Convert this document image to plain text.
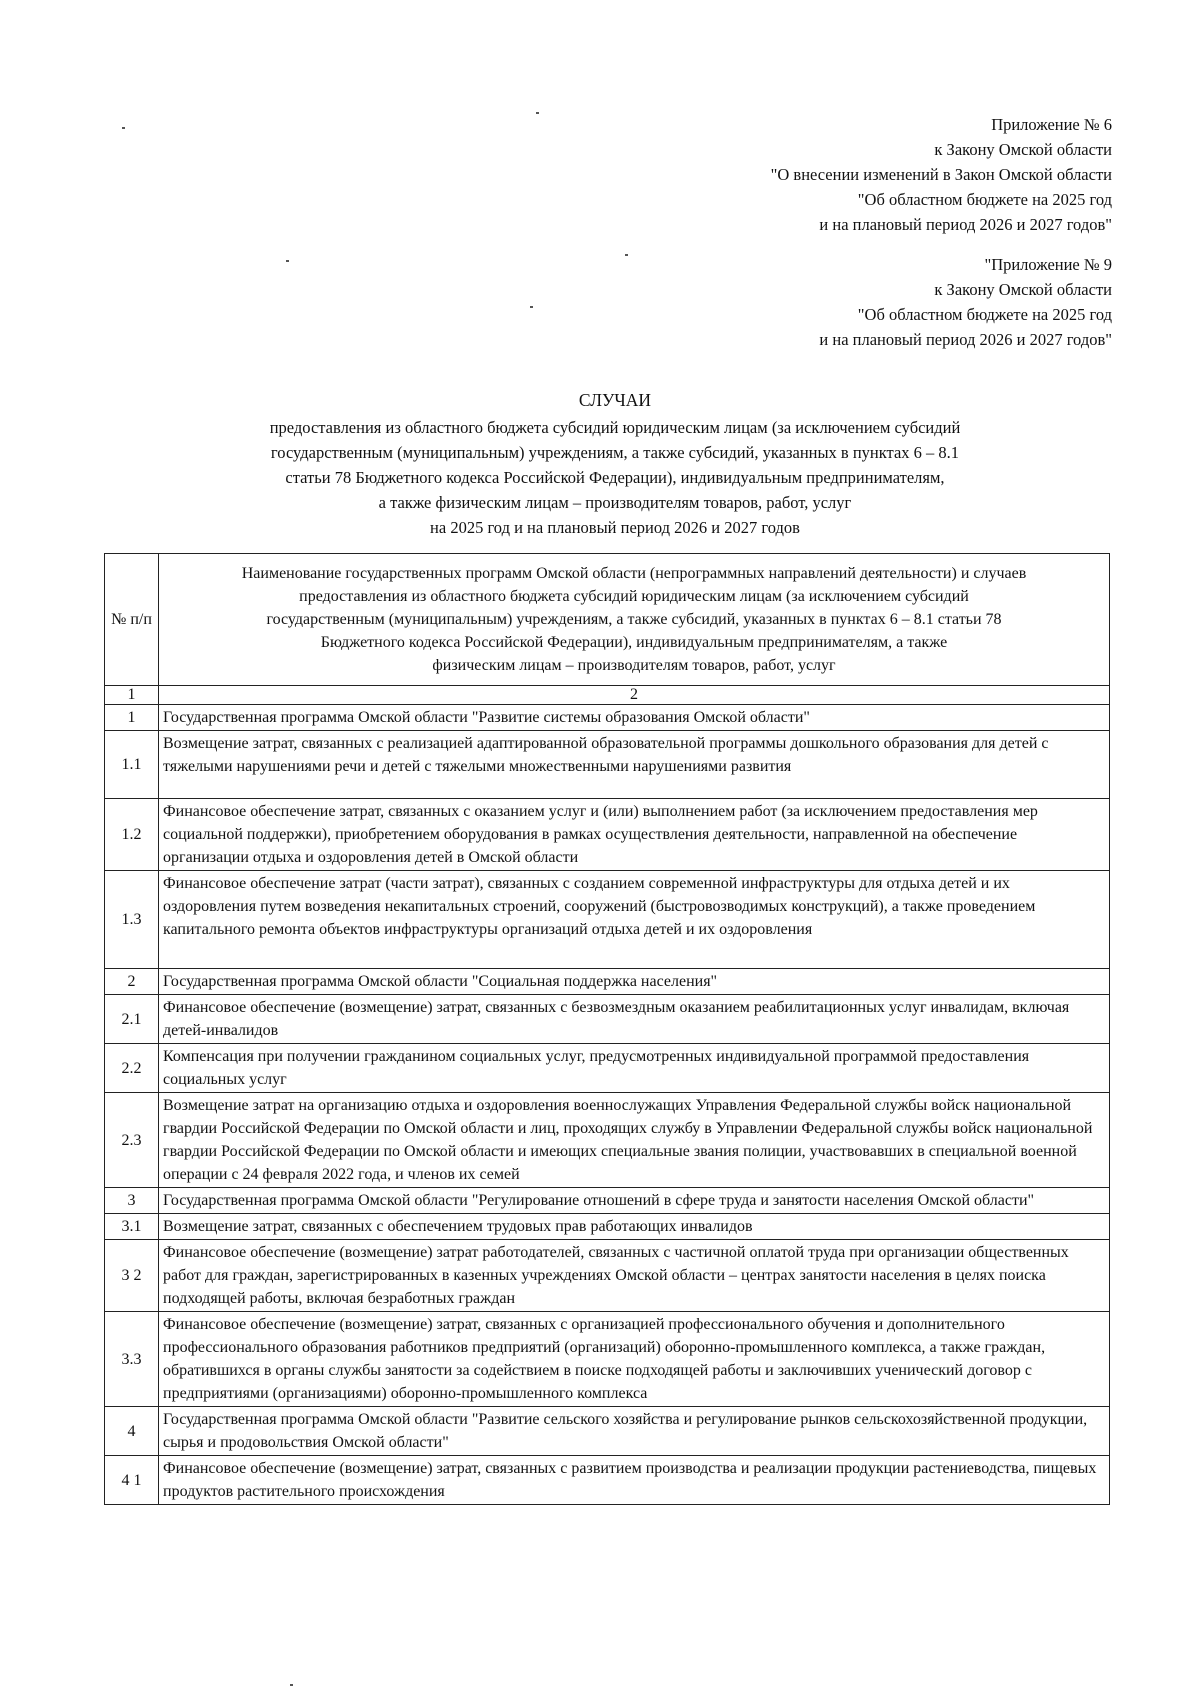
Приложение № 6
к Закону Омской области
"О внесении изменений в Закон Омской области
"Об областном бюджете на 2025 год
и на плановый период 2026 и 2027 годов"
"Приложение № 9
к Закону Омской области
"Об областном бюджете на 2025 год
и на плановый период 2026 и 2027 годов"
СЛУЧАИ
предоставления из областного бюджета субсидий юридическим лицам (за исключением субсидий
государственным (муниципальным) учреждениям, а также субсидий, указанных в пунктах 6 – 8.1
статьи 78 Бюджетного кодекса Российской Федерации), индивидуальным предпринимателям,
а также физическим лицам – производителям товаров, работ, услуг
на 2025 год и на плановый период 2026 и 2027 годов
№ п/п	Наименование государственных программ Омской области (непрограммных направлений деятельности) и случаев
предоставления из областного бюджета субсидий юридическим лицам (за исключением субсидий
государственным (муниципальным) учреждениям, а также субсидий, указанных в пунктах 6 – 8.1 статьи 78
Бюджетного кодекса Российской Федерации), индивидуальным предпринимателям, а также
физическим лицам – производителям товаров, работ, услуг

1	2
1	Государственная программа Омской области "Развитие системы образования Омской области"
1.1	Возмещение затрат, связанных с реализацией адаптированной образовательной программы дошкольного образования для детей с тяжелыми нарушениями речи и детей с тяжелыми множественными нарушениями развития
1.2	Финансовое обеспечение затрат, связанных с оказанием услуг и (или) выполнением работ (за исключением предоставления мер социальной поддержки), приобретением оборудования в рамках осуществления деятельности, направленной на обеспечение организации отдыха и оздоровления детей в Омской области
1.3	Финансовое обеспечение затрат (части затрат), связанных с созданием современной инфраструктуры для отдыха детей и их оздоровления путем возведения некапитальных строений, сооружений (быстровозводимых конструкций), а также проведением капитального ремонта объектов инфраструктуры организаций отдыха детей и их оздоровления
2	Государственная программа Омской области "Социальная поддержка населения"
2.1	Финансовое обеспечение (возмещение) затрат, связанных с безвозмездным оказанием реабилитационных услуг инвалидам, включая детей-инвалидов
2.2	Компенсация при получении гражданином социальных услуг, предусмотренных индивидуальной программой предоставления социальных услуг
2.3	Возмещение затрат на организацию отдыха и оздоровления военнослужащих Управления Федеральной службы войск национальной гвардии Российской Федерации по Омской области и лиц, проходящих службу в Управлении Федеральной службы войск национальной гвардии Российской Федерации по Омской области и имеющих специальные звания полиции, участвовавших в специальной военной операции с 24 февраля 2022 года, и членов их семей
3	Государственная программа Омской области "Регулирование отношений в сфере труда и занятости населения Омской области"
3.1	Возмещение затрат, связанных с обеспечением трудовых прав работающих инвалидов
3 2	Финансовое обеспечение (возмещение) затрат работодателей, связанных с частичной оплатой труда при организации общественных работ для граждан, зарегистрированных в казенных учреждениях Омской области – центрах занятости населения в целях поиска подходящей работы, включая безработных граждан
3.3	Финансовое обеспечение (возмещение) затрат, связанных с организацией профессионального обучения и дополнительного профессионального образования работников предприятий (организаций) оборонно-промышленного комплекса, а также граждан, обратившихся в органы службы занятости за содействием в поиске подходящей работы и заключивших ученический договор с предприятиями (организациями) оборонно-промышленного комплекса
4	Государственная программа Омской области "Развитие сельского хозяйства и регулирование рынков сельскохозяйственной продукции, сырья и продовольствия Омской области"
4 1	Финансовое обеспечение (возмещение) затрат, связанных с развитием производства и реализации продукции растениеводства, пищевых продуктов растительного происхождения
